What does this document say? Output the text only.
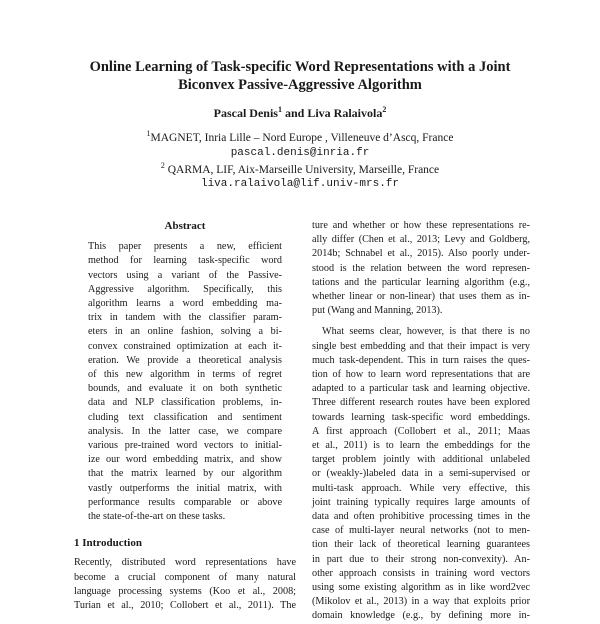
Online Learning of Task-specific Word Representations with a Joint
Biconvex Passive-Aggressive Algorithm
Pascal Denis$^1$ and Liva Ralaivola$^2$
$^1$MAGNET, Inria Lille – Nord Europe , Villeneuve d’Ascq, France
pascal.denis@inria.fr
$^2$ QARMA, LIF, Aix-Marseille University, Marseille, France
liva.ralaivola@lif.univ-mrs.fr
Abstract
This paper presents a new, efficient
method for learning task-specific word
vectors using a variant of the Passive-
Aggressive algorithm. Specifically, this
algorithm learns a word embedding ma-
trix in tandem with the classifier param-
eters in an online fashion, solving a bi-
convex constrained optimization at each it-
eration. We provide a theoretical analysis
of this new algorithm in terms of regret
bounds, and evaluate it on both synthetic
data and NLP classification problems, in-
cluding text classification and sentiment
analysis. In the latter case, we compare
various pre-trained word vectors to initial-
ize our word embedding matrix, and show
that the matrix learned by our algorithm
vastly outperforms the initial matrix, with
performance results comparable or above
the state-of-the-art on these tasks.
1 Introduction
Recently, distributed word representations have
become a crucial component of many natural
language processing systems (Koo et al., 2008;
Turian et al., 2010; Collobert et al., 2011). The
ture and whether or how these representations re-
ally differ (Chen et al., 2013; Levy and Goldberg,
2014b; Schnabel et al., 2015). Also poorly under-
stood is the relation between the word represen-
tations and the particular learning algorithm (e.g.,
whether linear or non-linear) that uses them as in-
put (Wang and Manning, 2013).
What seems clear, however, is that there is no
single best embedding and that their impact is very
much task-dependent. This in turn raises the ques-
tion of how to learn word representations that are
adapted to a particular task and learning objective.
Three different research routes have been explored
towards learning task-specific word embeddings.
A first approach (Collobert et al., 2011; Maas
et al., 2011) is to learn the embeddings for the
target problem jointly with additional unlabeled
or (weakly-)labeled data in a semi-supervised or
multi-task approach. While very effective, this
joint training typically requires large amounts of
data and often prohibitive processing times in the
case of multi-layer neural networks (not to men-
tion their lack of theoretical learning guarantees
in part due to their strong non-convexity). An-
other approach consists in training word vectors
using some existing algorithm as in like word2vec
(Mikolov et al., 2013) in a way that exploits prior
domain knowledge (e.g., by defining more in-
